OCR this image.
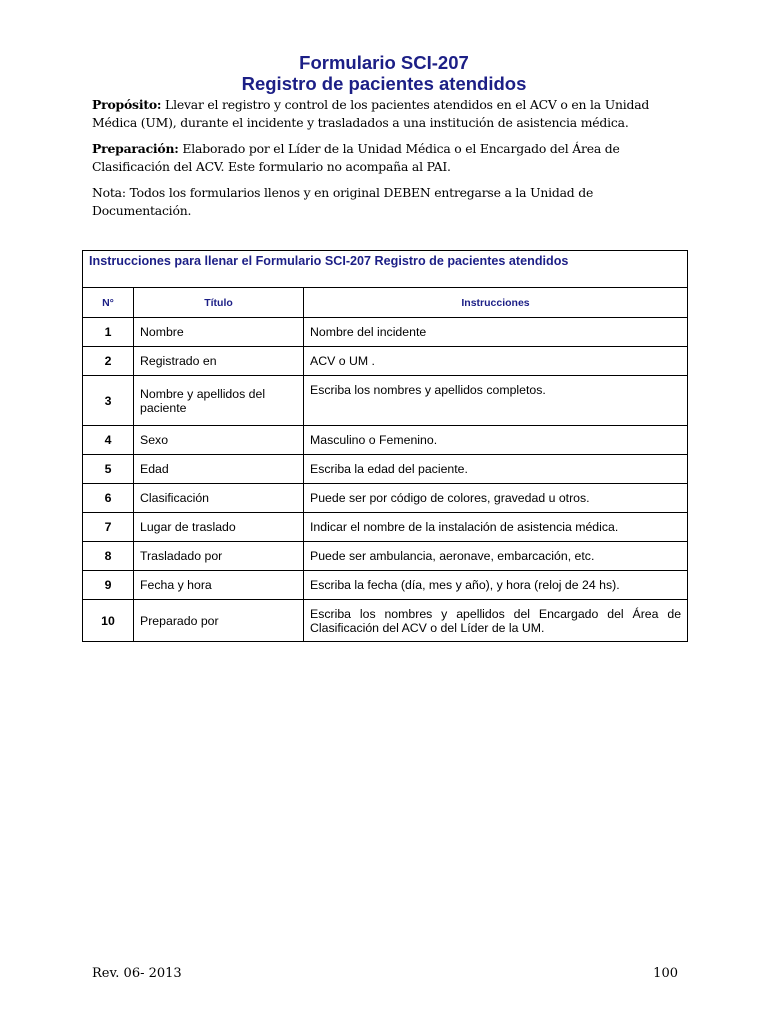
Formulario SCI-207
Registro de pacientes atendidos
Propósito: Llevar el registro y control de los pacientes atendidos en el ACV o en la Unidad Médica (UM), durante el incidente y trasladados a una institución de asistencia médica.
Preparación: Elaborado por el Líder de la Unidad Médica o el Encargado del Área de Clasificación del ACV. Este formulario no acompaña al PAI.
Nota: Todos los formularios llenos y en original DEBEN entregarse a la Unidad de Documentación.
Instrucciones para llenar el Formulario SCI-207 Registro de pacientes atendidos		
N°	Título	Instrucciones
1	Nombre	Nombre del incidente
2	Registrado en	ACV o UM .
3	Nombre y apellidos del paciente	Escriba los nombres y apellidos completos.
4	Sexo	Masculino o Femenino.
5	Edad	Escriba la edad del paciente.
6	Clasificación	Puede ser por código de colores, gravedad u otros.
7	Lugar de traslado	Indicar el nombre de la instalación de asistencia médica.
8	Trasladado por	Puede ser ambulancia, aeronave, embarcación, etc.
9	Fecha y hora	Escriba la fecha (día, mes y año), y hora (reloj de 24 hs).
10	Preparado por	Escriba los nombres y apellidos del Encargado del Área de Clasificación del ACV o del Líder de la UM.
Rev. 06- 2013	100
